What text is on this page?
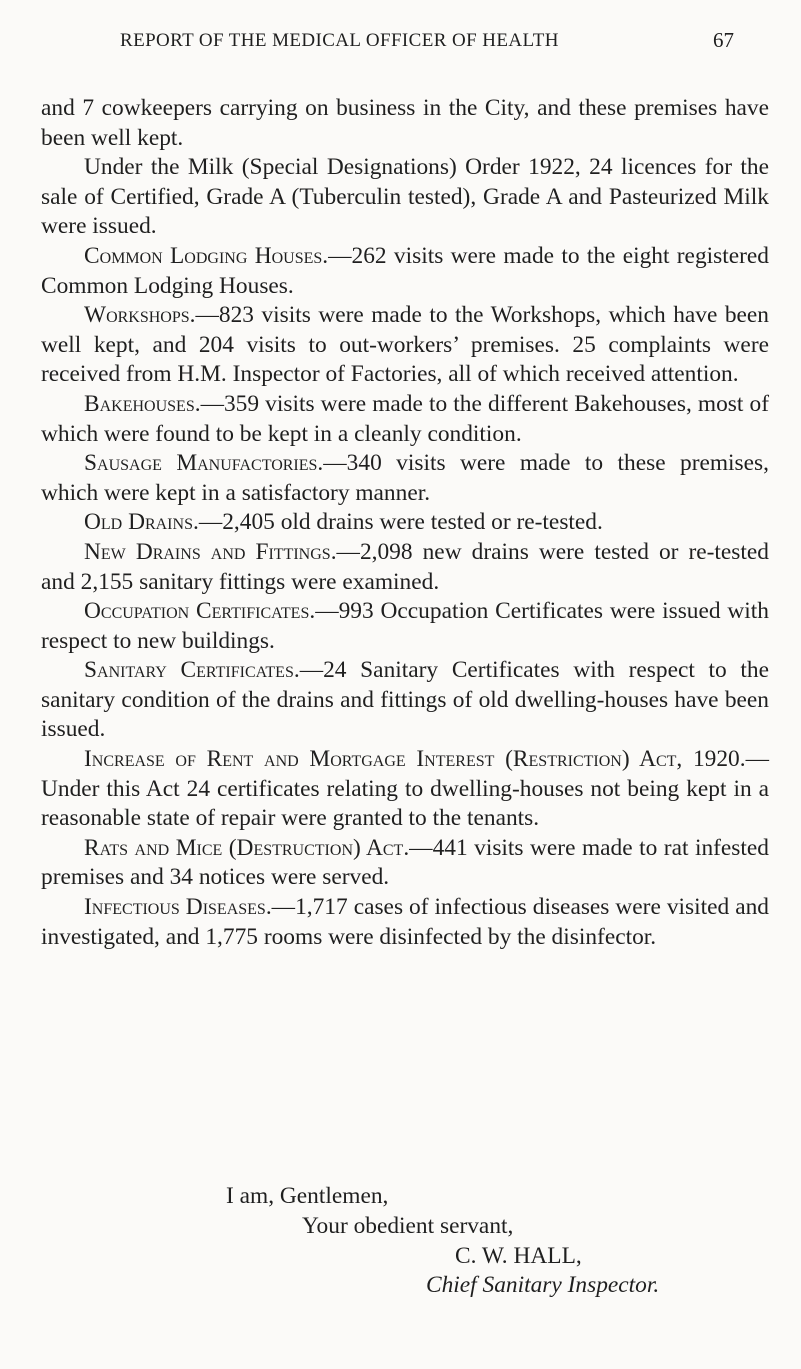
REPORT OF THE MEDICAL OFFICER OF HEALTH	67

and 7 cowkeepers carrying on business in the City, and these premises have been well kept.

Under the Milk (Special Designations) Order 1922, 24 licences for the sale of Certified, Grade A (Tuberculin tested), Grade A and Pasteurized Milk were issued.

Common Lodging Houses.—262 visits were made to the eight registered Common Lodging Houses.

Workshops.—823 visits were made to the Workshops, which have been well kept, and 204 visits to out-workers’ premises. 25 complaints were received from H.M. Inspector of Factories, all of which received attention.

Bakehouses.—359 visits were made to the different Bakehouses, most of which were found to be kept in a cleanly condition.

Sausage Manufactories.—340 visits were made to these premises, which were kept in a satisfactory manner.

Old Drains.—2,405 old drains were tested or re-tested.

New Drains and Fittings.—2,098 new drains were tested or re-tested and 2,155 sanitary fittings were examined.

Occupation Certificates.—993 Occupation Certificates were issued with respect to new buildings.

Sanitary Certificates.—24 Sanitary Certificates with respect to the sanitary condition of the drains and fittings of old dwelling-houses have been issued.

Increase of Rent and Mortgage Interest (Restriction) Act, 1920.—Under this Act 24 certificates relating to dwelling-houses not being kept in a reasonable state of repair were granted to the tenants.

Rats and Mice (Destruction) Act.—441 visits were made to rat infested premises and 34 notices were served.

Infectious Diseases.—1,717 cases of infectious diseases were visited and investigated, and 1,775 rooms were disinfected by the disinfector.

I am, Gentlemen,
Your obedient servant,
C. W. HALL,
Chief Sanitary Inspector.
